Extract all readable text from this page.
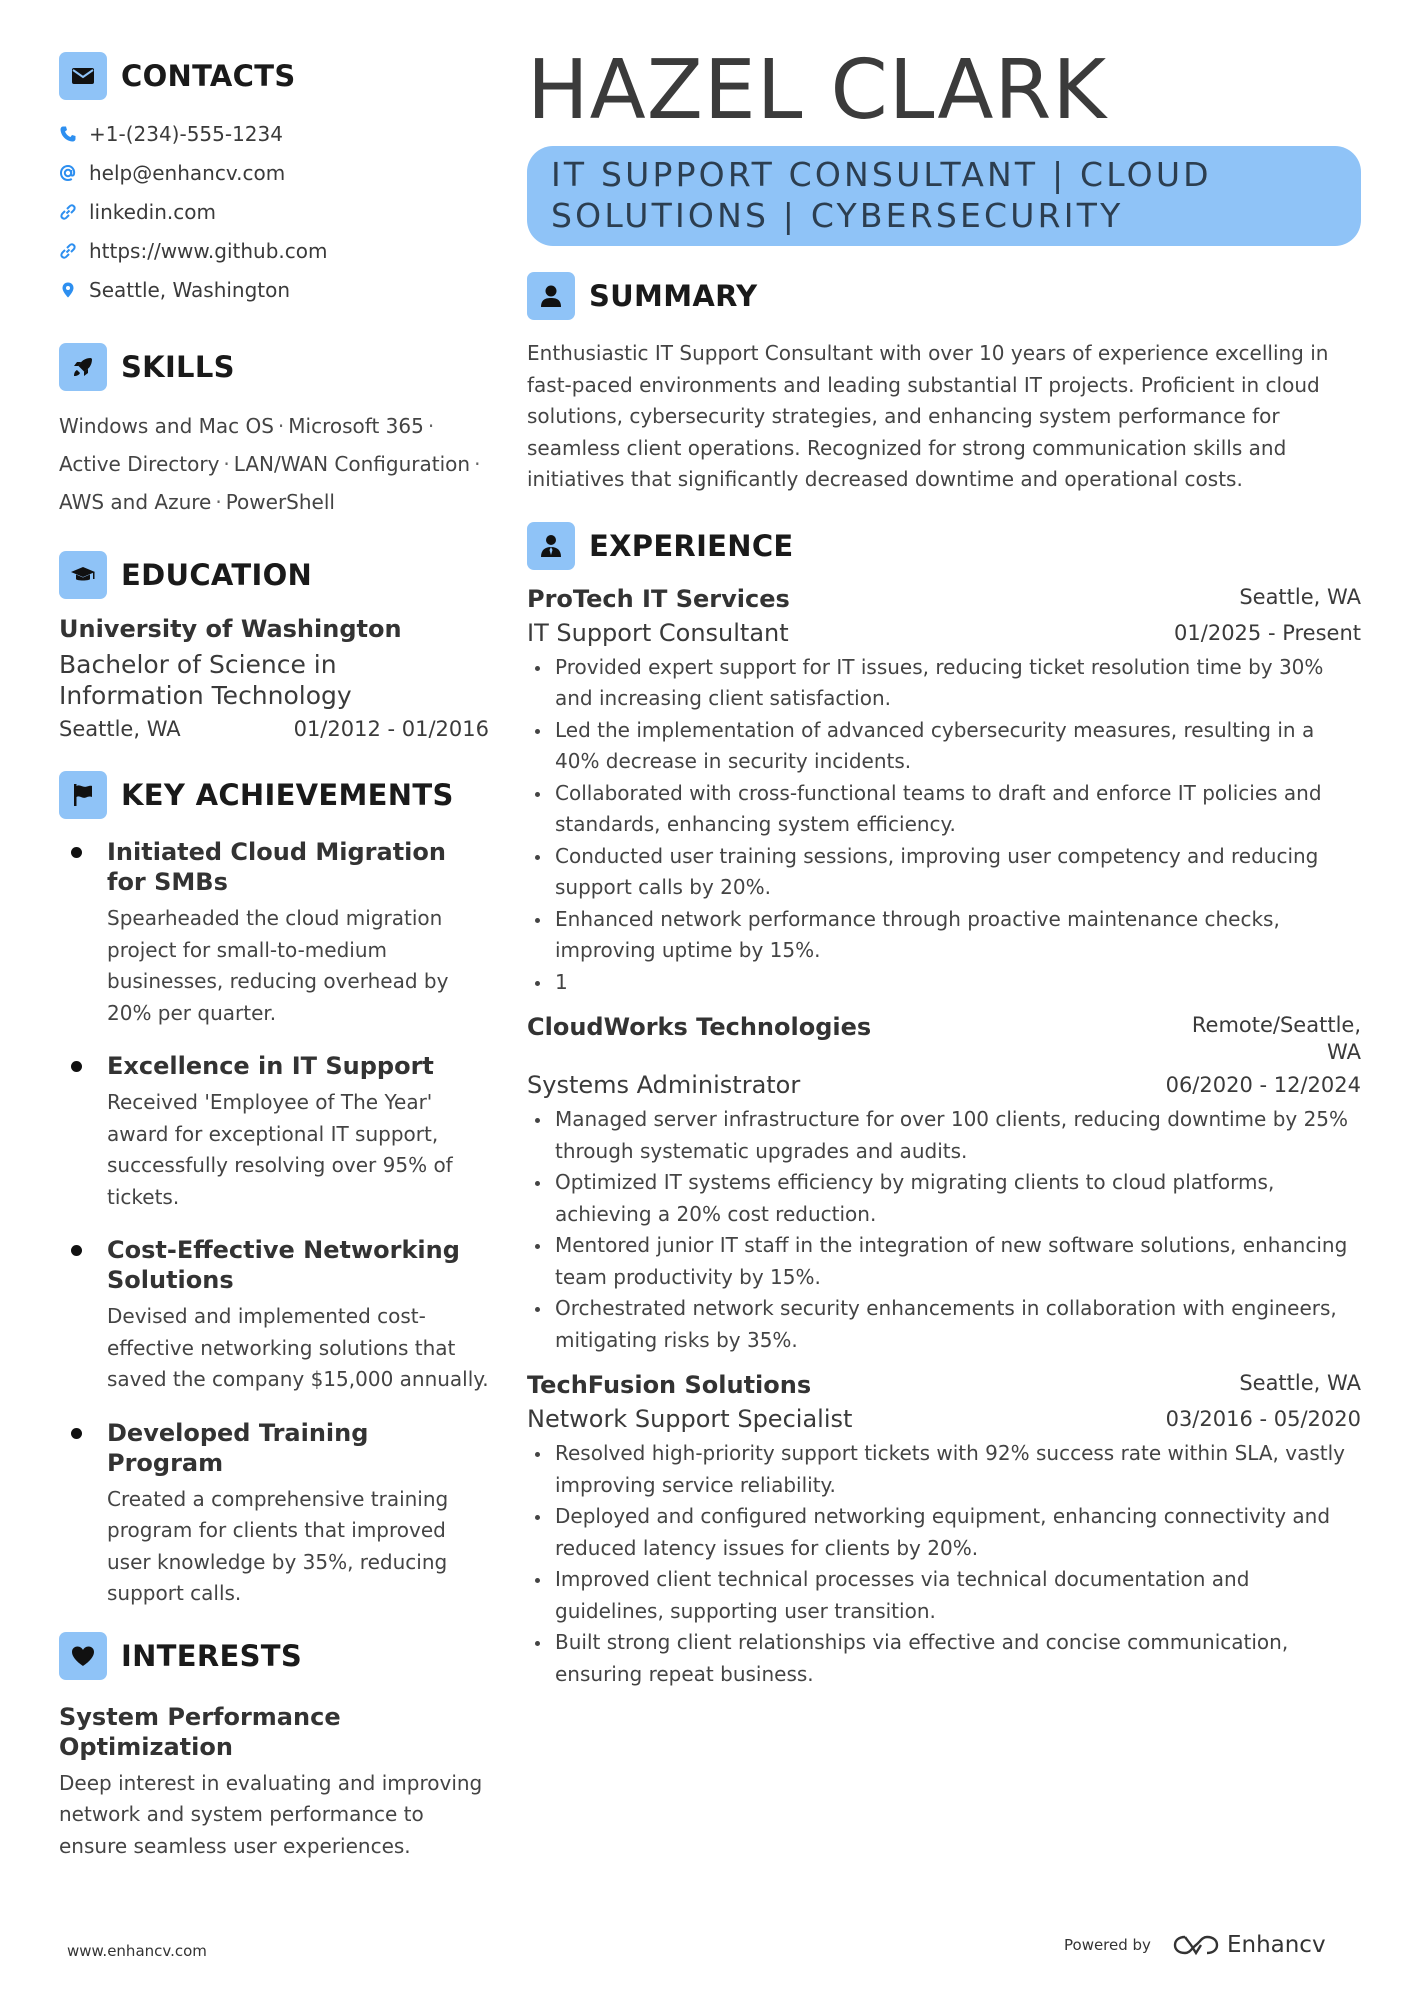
CONTACTS
+1-(234)-555-1234
help@enhancv.com
linkedin.com
https://www.github.com
Seattle, Washington
SKILLS
Windows and Mac OS · Microsoft 365 ·
Active Directory · LAN/WAN Configuration ·
AWS and Azure · PowerShell
EDUCATION
University of Washington
Bachelor of Science in Information Technology
Seattle, WA	01/2012 - 01/2016
KEY ACHIEVEMENTS
Initiated Cloud Migration for SMBs
Spearheaded the cloud migration project for small-to-medium businesses, reducing overhead by 20% per quarter.
Excellence in IT Support
Received 'Employee of The Year' award for exceptional IT support, successfully resolving over 95% of tickets.
Cost-Effective Networking Solutions
Devised and implemented cost-effective networking solutions that saved the company $15,000 annually.
Developed Training Program
Created a comprehensive training program for clients that improved user knowledge by 35%, reducing support calls.
INTERESTS
System Performance Optimization
Deep interest in evaluating and improving network and system performance to ensure seamless user experiences.
HAZEL CLARK
IT SUPPORT CONSULTANT | CLOUD
SOLUTIONS | CYBERSECURITY
SUMMARY
Enthusiastic IT Support Consultant with over 10 years of experience excelling in fast-paced environments and leading substantial IT projects. Proficient in cloud solutions, cybersecurity strategies, and enhancing system performance for seamless client operations. Recognized for strong communication skills and initiatives that significantly decreased downtime and operational costs.
EXPERIENCE
ProTech IT Services	Seattle, WA
IT Support Consultant	01/2025 - Present
Provided expert support for IT issues, reducing ticket resolution time by 30% and increasing client satisfaction.
Led the implementation of advanced cybersecurity measures, resulting in a 40% decrease in security incidents.
Collaborated with cross-functional teams to draft and enforce IT policies and standards, enhancing system efficiency.
Conducted user training sessions, improving user competency and reducing support calls by 20%.
Enhanced network performance through proactive maintenance checks, improving uptime by 15%.
1
CloudWorks Technologies	Remote/Seattle,
WA
Systems Administrator	06/2020 - 12/2024
Managed server infrastructure for over 100 clients, reducing downtime by 25% through systematic upgrades and audits.
Optimized IT systems efficiency by migrating clients to cloud platforms, achieving a 20% cost reduction.
Mentored junior IT staff in the integration of new software solutions, enhancing team productivity by 15%.
Orchestrated network security enhancements in collaboration with engineers, mitigating risks by 35%.
TechFusion Solutions	Seattle, WA
Network Support Specialist	03/2016 - 05/2020
Resolved high-priority support tickets with 92% success rate within SLA, vastly improving service reliability.
Deployed and configured networking equipment, enhancing connectivity and reduced latency issues for clients by 20%.
Improved client technical processes via technical documentation and guidelines, supporting user transition.
Built strong client relationships via effective and concise communication, ensuring repeat business.
www.enhancv.com	Powered by	Enhancv
